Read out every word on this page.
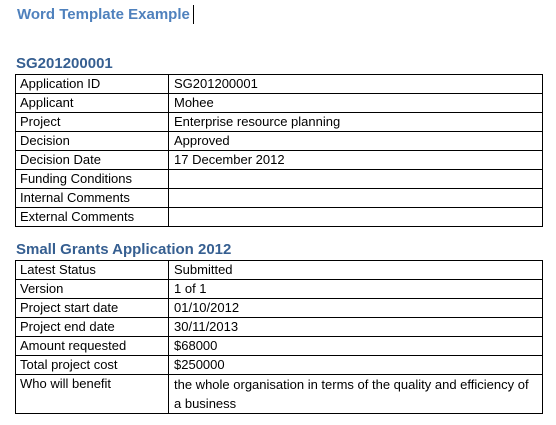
Word Template Example
SG201200001
Application ID	SG201200001
Applicant	Mohee
Project	Enterprise resource planning
Decision	Approved
Decision Date	17 December 2012
Funding Conditions	
Internal Comments	
External Comments	
Small Grants Application 2012
Latest Status	Submitted
Version	1 of 1
Project start date	01/10/2012
Project end date	30/11/2013
Amount requested	$68000
Total project cost	$250000
Who will benefit	the whole organisation in terms of the quality and efficiency of a business
